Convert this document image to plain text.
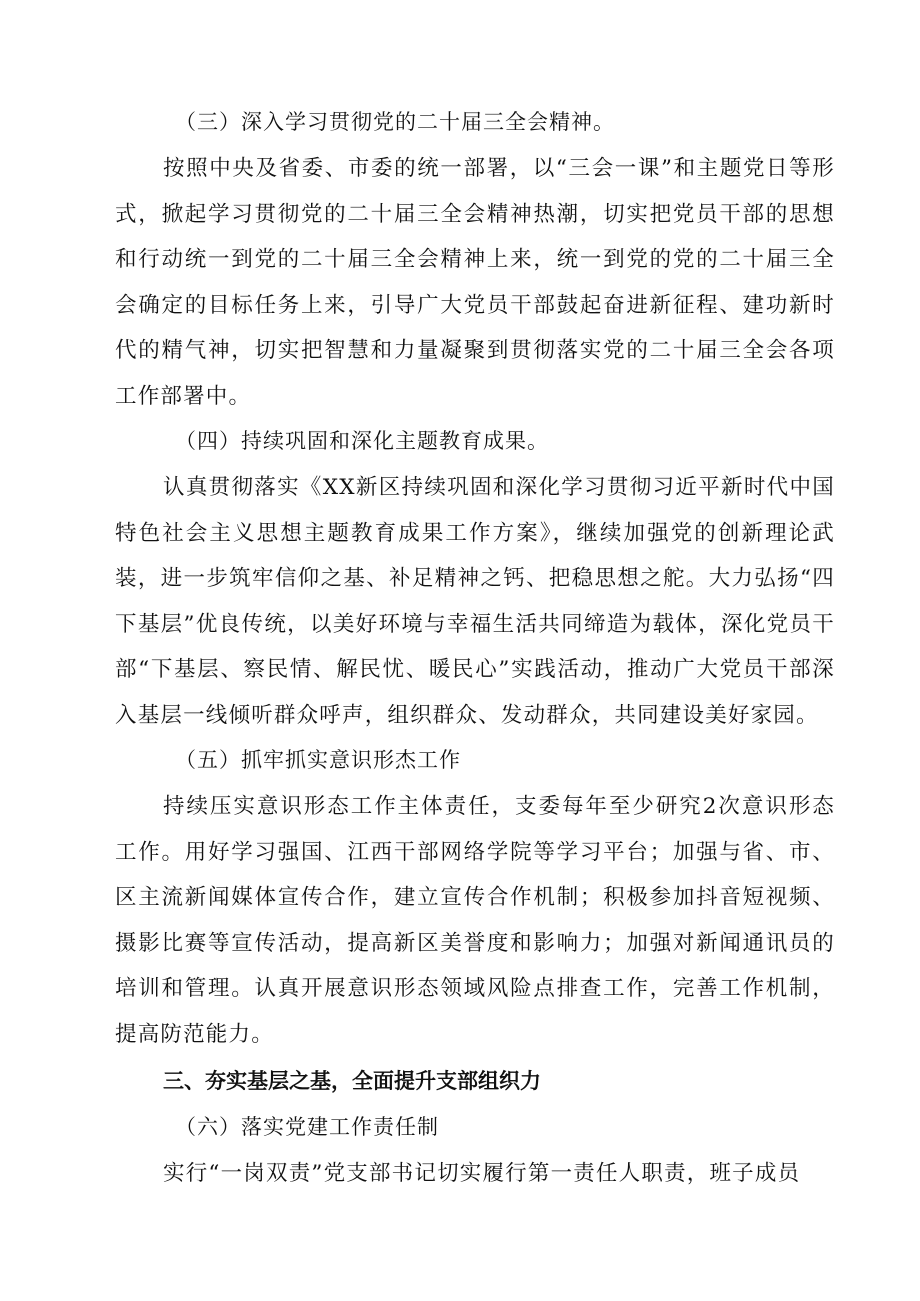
（三）深入学习贯彻党的二十届三全会精神。

按照中央及省委、市委的统一部署，以“三会一课”和主题党日等形式，掀起学习贯彻党的二十届三全会精神热潮，切实把党员干部的思想和行动统一到党的二十届三全会精神上来，统一到党的党的二十届三全会确定的目标任务上来，引导广大党员干部鼓起奋进新征程、建功新时代的精气神，切实把智慧和力量凝聚到贯彻落实党的二十届三全会各项工作部署中。

（四）持续巩固和深化主题教育成果。

认真贯彻落实《XX新区持续巩固和深化学习贯彻习近平新时代中国特色社会主义思想主题教育成果工作方案》，继续加强党的创新理论武装，进一步筑牢信仰之基、补足精神之钙、把稳思想之舵。大力弘扬“四下基层”优良传统，以美好环境与幸福生活共同缔造为载体，深化党员干部“下基层、察民情、解民忧、暖民心”实践活动，推动广大党员干部深入基层一线倾听群众呼声，组织群众、发动群众，共同建设美好家园。

（五）抓牢抓实意识形杰工作

持续压实意识形态工作主体责任，支委每年至少研究2次意识形态工作。用好学习强国、江西干部网络学院等学习平台；加强与省、市、区主流新闻媒体宣传合作，建立宣传合作机制；积极参加抖音短视频、摄影比赛等宣传活动，提高新区美誉度和影响力；加强对新闻通讯员的培训和管理。认真开展意识形态领域风险点排查工作，完善工作机制，提高防范能力。

三、夯实基层之基，全面提升支部组织力
（六）落实党建工作责任制

实行“一岗双责”党支部书记切实履行第一责任人职责，班子成员
